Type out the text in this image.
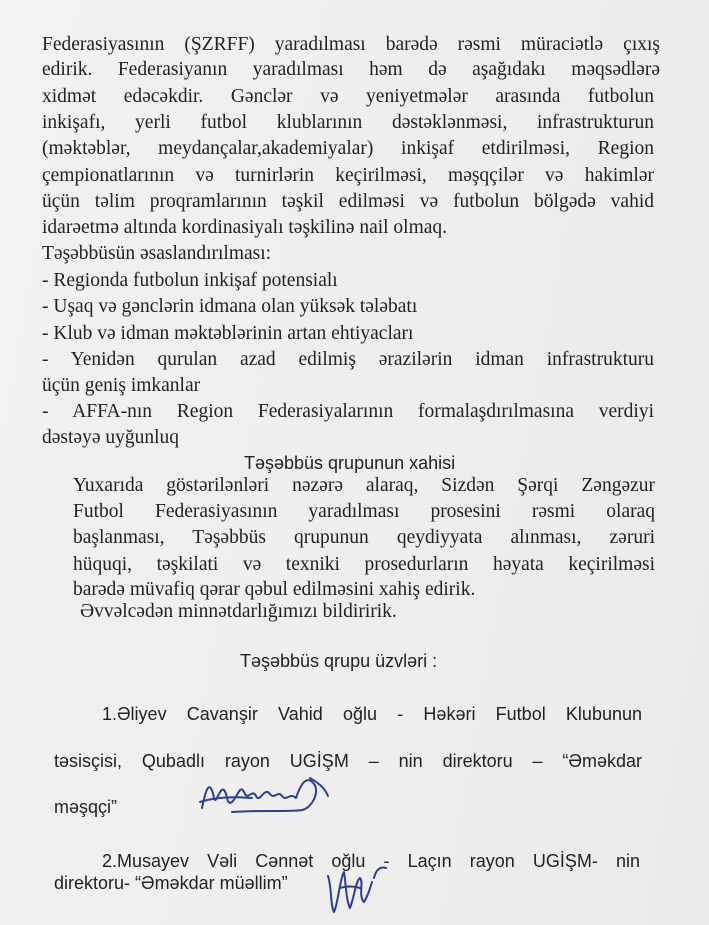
Federasiyasının (ŞZRFF) yaradılması barədə rəsmi müraciətlə çıxış
edirik. Federasiyanın yaradılması həm də aşağıdakı məqsədlərə
xidmət edəcəkdir. Gənclər və yeniyetmələr arasında futbolun
inkişafı, yerli futbol klublarının dəstəklənməsi, infrastrukturun
(məktəblər, meydançalar,akademiyalar) inkişaf etdirilməsi, Region
çempionatlarının və turnirlərin keçirilməsi, məşqçilər və hakimlər
üçün təlim proqramlarının təşkil edilməsi və futbolun bölgədə vahid
idarəetmə altında kordinasiyalı təşkilinə nail olmaq.
Təşəbbüsün əsaslandırılması:
- Regionda futbolun inkişaf potensialı
- Uşaq və gənclərin idmana olan yüksək tələbatı
- Klub və idman məktəblərinin artan ehtiyacları
- Yenidən qurulan azad edilmiş ərazilərin idman infrastrukturu
üçün geniş imkanlar
- AFFA-nın Region Federasiyalarının formalaşdırılmasına verdiyi
dəstəyə uyğunluq
Təşəbbüs qrupunun xahisi
Yuxarıda göstərilənləri nəzərə alaraq, Sizdən Şərqi Zəngəzur
Futbol Federasiyasının yaradılması prosesini rəsmi olaraq
başlanması, Təşəbbüs qrupunun qeydiyyata alınması, zəruri
hüquqi, təşkilati və texniki prosedurların həyata keçirilməsi
barədə müvafiq qərar qəbul edilməsini xahiş edirik.
Əvvəlcədən minnətdarlığımızı bildiririk.
Təşəbbüs qrupu üzvləri :
1.Əliyev Cavanşir Vahid oğlu - Həkəri Futbol Klubunun
təsisçisi, Qubadlı rayon UGİŞM – nin direktoru – “Əməkdar
məşqçi”
2.Musayev Vəli Cənnət oğlu - Laçın rayon UGİŞM- nin
direktoru- “Əməkdar müəllim”
